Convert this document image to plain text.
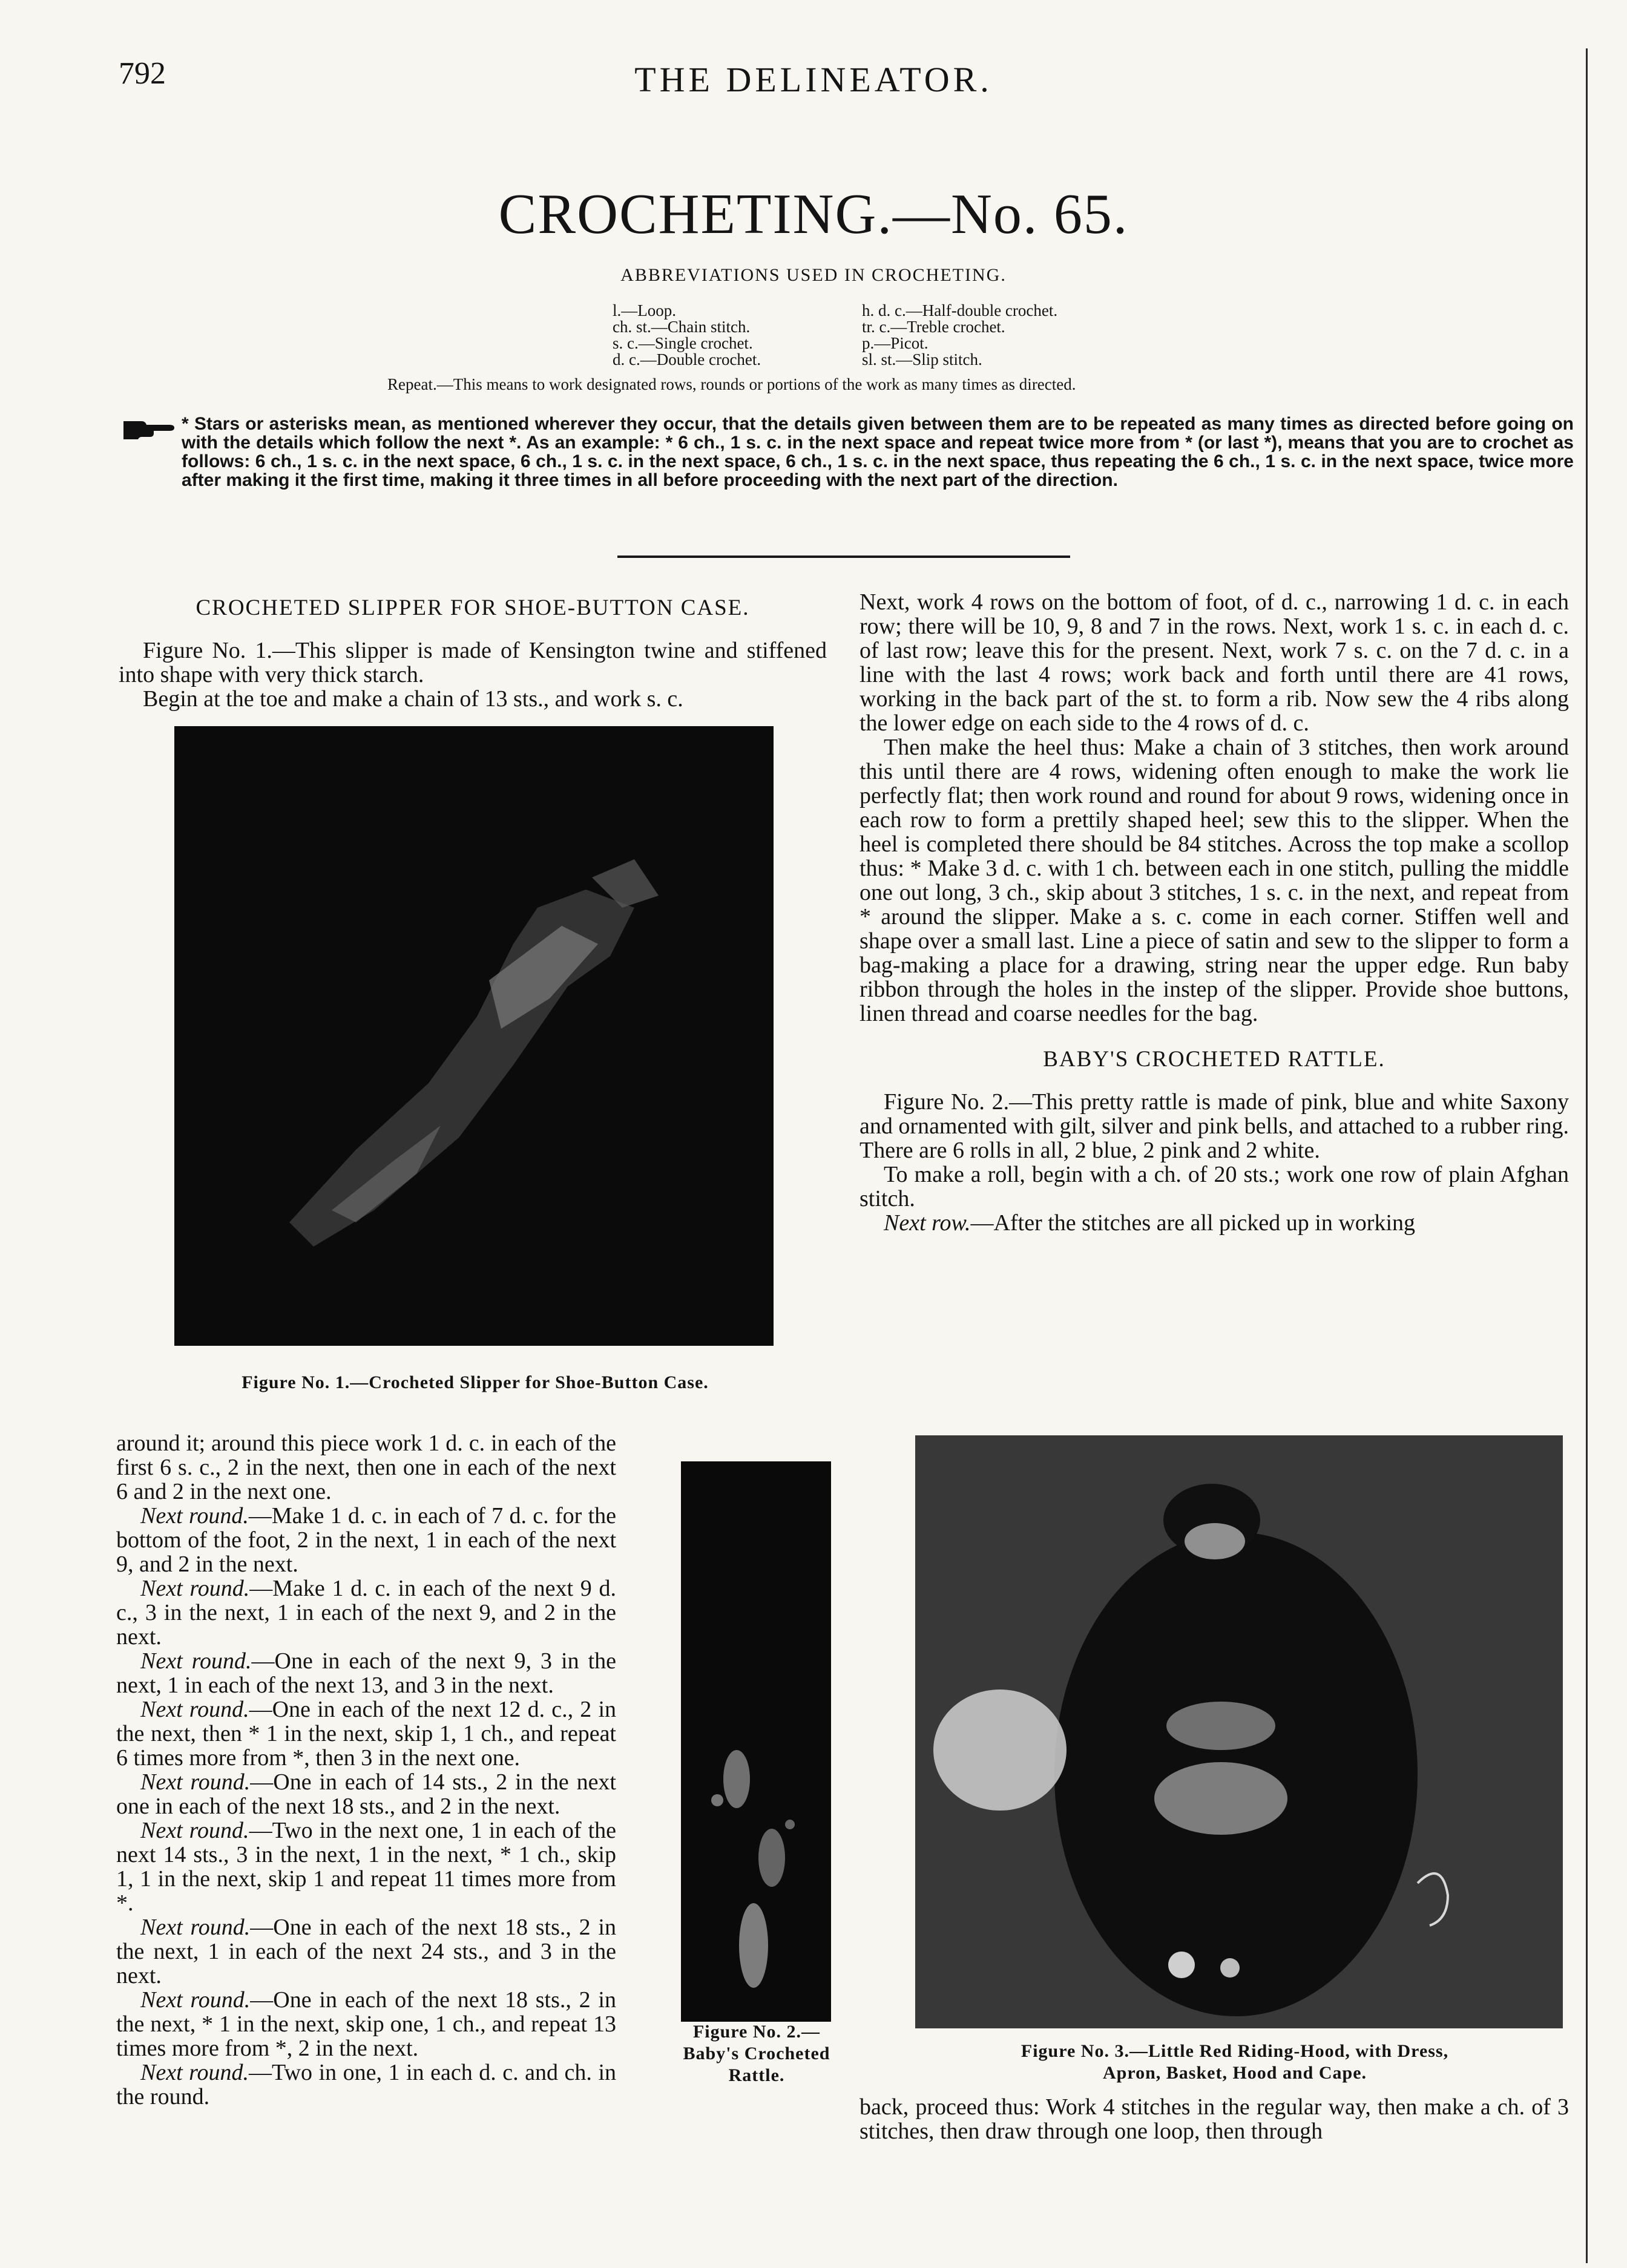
792	THE DELINEATOR.
CROCHETING.—No. 65.
ABBREVIATIONS USED IN CROCHETING.
l.—Loop.
ch. st.—Chain stitch.
s. c.—Single crochet.
d. c.—Double crochet.
h. d. c.—Half-double crochet.
tr. c.—Treble crochet.
p.—Picot.
sl. st.—Slip stitch.
Repeat.—This means to work designated rows, rounds or portions of the work as many times as directed.
* Stars or asterisks mean, as mentioned wherever they occur, that the details given between them are to be repeated as many times as directed before going on with the details which follow the next *. As an example: * 6 ch., 1 s. c. in the next space and repeat twice more from * (or last *), means that you are to crochet as follows: 6 ch., 1 s. c. in the next space, 6 ch., 1 s. c. in the next space, 6 ch., 1 s. c. in the next space, thus repeating the 6 ch., 1 s. c. in the next space, twice more after making it the first time, making it three times in all before proceeding with the next part of the direction.
CROCHETED SLIPPER FOR SHOE-BUTTON CASE.

Figure No. 1.—This slipper is made of Kensington twine and stiffened into shape with very thick starch.

Begin at the toe and make a chain of 13 sts., and work s. c.

Figure No. 1.—Crocheted Slipper for Shoe-Button Case.

Next, work 4 rows on the bottom of foot, of d. c., narrowing 1 d. c. in each row; there will be 10, 9, 8 and 7 in the rows. Next, work 1 s. c. in each d. c. of last row; leave this for the present. Next, work 7 s. c. on the 7 d. c. in a line with the last 4 rows; work back and forth until there are 41 rows, working in the back part of the st. to form a rib. Now sew the 4 ribs along the lower edge on each side to the 4 rows of d. c.

Then make the heel thus: Make a chain of 3 stitches, then work around this until there are 4 rows, widening often enough to make the work lie perfectly flat; then work round and round for about 9 rows, widening once in each row to form a prettily shaped heel; sew this to the slipper. When the heel is completed there should be 84 stitches. Across the top make a scollop thus: * Make 3 d. c. with 1 ch. between each in one stitch, pulling the middle one out long, 3 ch., skip about 3 stitches, 1 s. c. in the next, and repeat from * around the slipper. Make a s. c. come in each corner. Stiffen well and shape over a small last. Line a piece of satin and sew to the slipper to form a bag-making a place for a drawing, string near the upper edge. Run baby ribbon through the holes in the instep of the slipper. Provide shoe buttons, linen thread and coarse needles for the bag.

BABY'S CROCHETED RATTLE.

Figure No. 2.—This pretty rattle is made of pink, blue and white Saxony and ornamented with gilt, silver and pink bells, and attached to a rubber ring. There are 6 rolls in all, 2 blue, 2 pink and 2 white.

To make a roll, begin with a ch. of 20 sts.; work one row of plain Afghan stitch.

Next row.—After the stitches are all picked up in working

around it; around this piece work 1 d. c. in each of the first 6 s. c., 2 in the next, then one in each of the next 6 and 2 in the next one.

Next round.—Make 1 d. c. in each of 7 d. c. for the bottom of the foot, 2 in the next, 1 in each of the next 9, and 2 in the next.

Next round.—Make 1 d. c. in each of the next 9 d. c., 3 in the next, 1 in each of the next 9, and 2 in the next.

Next round.—One in each of the next 9, 3 in the next, 1 in each of the next 13, and 3 in the next.

Next round.—One in each of the next 12 d. c., 2 in the next, then * 1 in the next, skip 1, 1 ch., and repeat 6 times more from *, then 3 in the next one.

Next round.—One in each of 14 sts., 2 in the next one in each of the next 18 sts., and 2 in the next.

Next round.—Two in the next one, 1 in each of the next 14 sts., 3 in the next, 1 in the next, * 1 ch., skip 1, 1 in the next, skip 1 and repeat 11 times more from *.

Next round.—One in each of the next 18 sts., 2 in the next, 1 in each of the next 24 sts., and 3 in the next.

Next round.—One in each of the next 18 sts., 2 in the next, * 1 in the next, skip one, 1 ch., and repeat 13 times more from *, 2 in the next.

Next round.—Two in one, 1 in each d. c. and ch. in the round.

Figure No. 2.—
Baby's Crocheted
Rattle.
Figure No. 3.—Little Red Riding-Hood, with Dress,
Apron, Basket, Hood and Cape.

back, proceed thus: Work 4 stitches in the regular way, then make a ch. of 3 stitches, then draw through one loop, then through
